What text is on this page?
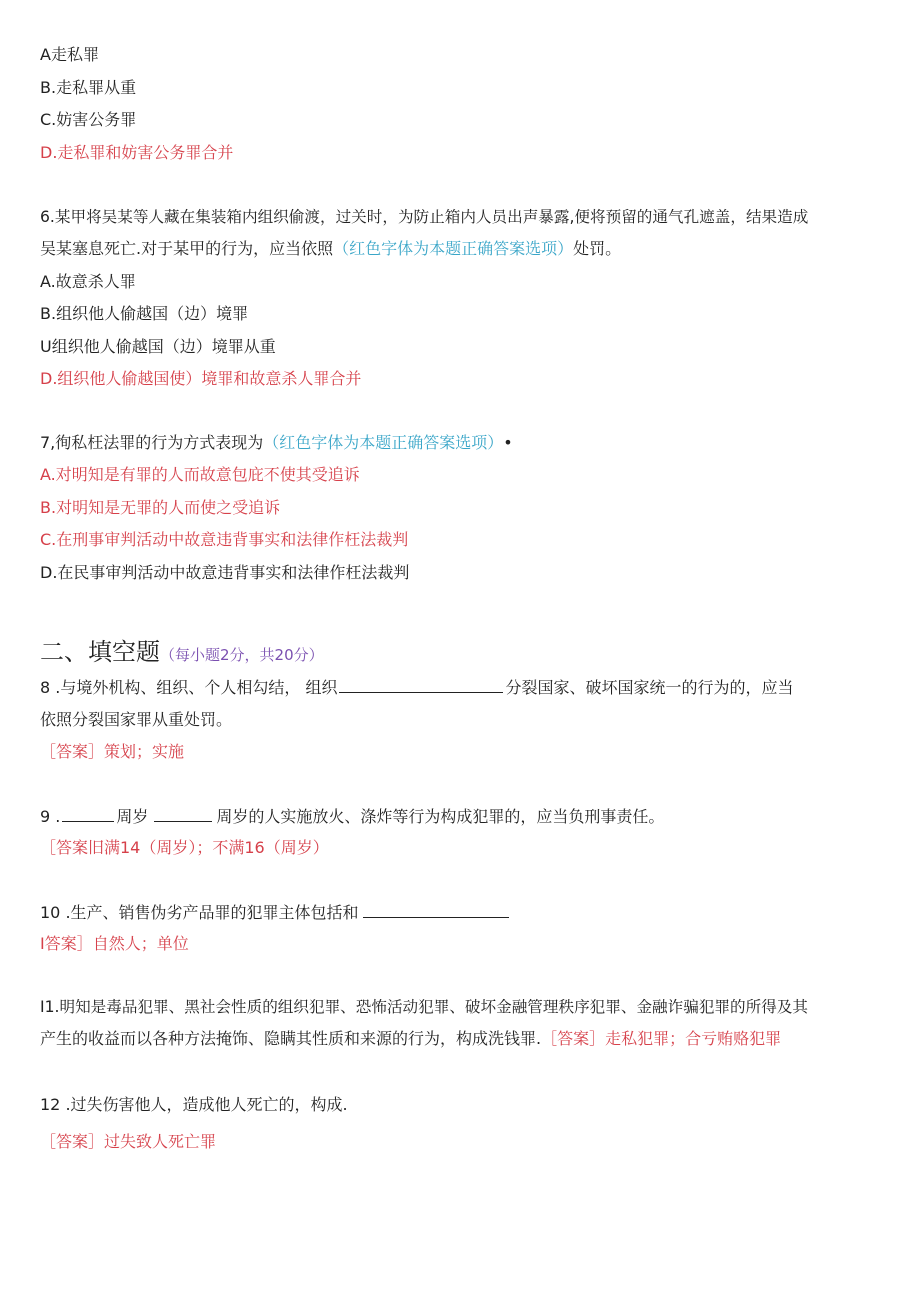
A走私罪
B.走私罪从重
C.妨害公务罪
D.走私罪和妨害公务罪合并
6.某甲将吴某等人藏在集装箱内组织偷渡，过关时，为防止箱内人员出声暴露,便将预留的通气孔遮盖，结果造成
吴某塞息死亡.对于某甲的行为，应当依照（红色字体为本题正确答案选项）处罚。
A.故意杀人罪
B.组织他人偷越国（边）境罪
U组织他人偷越国（边）境罪从重
D.组织他人偷越国使）境罪和故意杀人罪合并
7,徇私枉法罪的行为方式表现为（红色字体为本题正确答案选项）•
A.对明知是有罪的人而故意包庇不使其受追诉
B.对明知是无罪的人而使之受追诉
C.在刑事审判活动中故意违背事实和法律作枉法裁判
D.在民事审判活动中故意违背事实和法律作枉法裁判
二、填空题（每小题2分，共20分）
8 .与境外机构、组织、个人相勾结， 组织	分裂国家、破坏国家统一的行为的，应当
依照分裂国家罪从重处罚。
［答案］策划；实施
9 .	周岁	周岁的人实施放火、涤炸等行为构成犯罪的，应当负刑事责任。
［答案旧满14（周岁）；不满16（周岁）
10 .生产、销售伪劣产品罪的犯罪主体包括和
I答案］自然人；单位
I1.明知是毒品犯罪、黑社会性质的组织犯罪、恐怖活动犯罪、破坏金融管理秩序犯罪、金融诈骗犯罪的所得及其
产生的收益而以各种方法掩饰、隐瞒其性质和来源的行为，构成洗钱罪.［答案］走私犯罪；合亏贿赂犯罪
12 .过失伤害他人，造成他人死亡的，构成.
［答案］过失致人死亡罪
